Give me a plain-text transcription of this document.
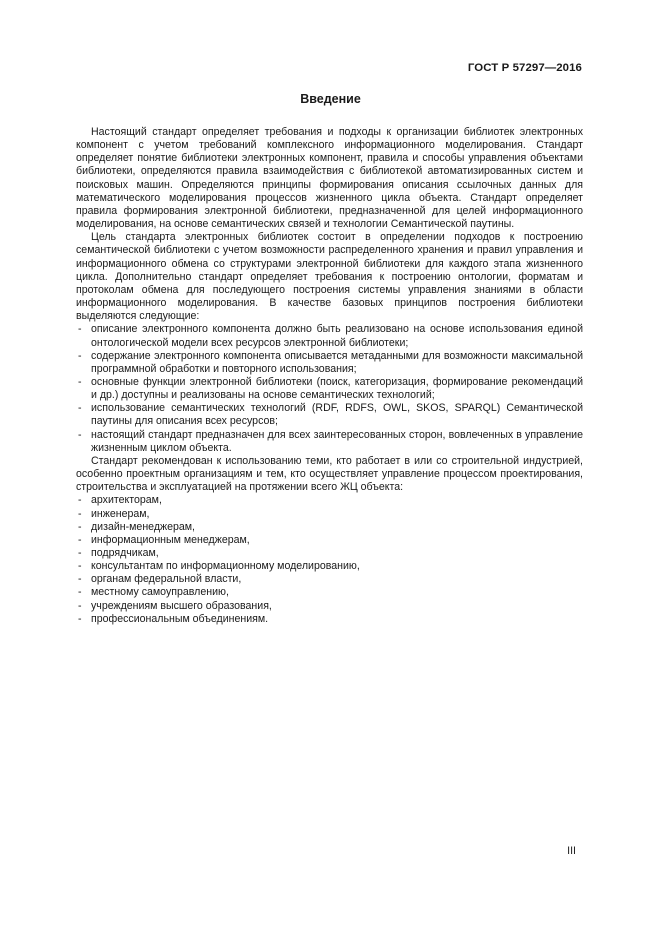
ГОСТ Р 57297—2016
Введение

Настоящий стандарт определяет требования и подходы к организации библиотек электронных компонент с учетом требований комплексного информационного моделирования. Стандарт определяет понятие библиотеки электронных компонент, правила и способы управления объектами библиотеки, определяются правила взаимодействия с библиотекой автоматизированных систем и поисковых машин. Определяются принципы формирования описания ссылочных данных для математического моделирования процессов жизненного цикла объекта. Стандарт определяет правила формирования электронной библиотеки, предназначенной для целей информационного моделирования, на основе семантических связей и технологии Семантической паутины.

Цель стандарта электронных библиотек состоит в определении подходов к построению семантической библиотеки с учетом возможности распределенного хранения и правил управления и информационного обмена со структурами электронной библиотеки для каждого этапа жизненного цикла. Дополнительно стандарт определяет требования к построению онтологии, форматам и протоколам обмена для последующего построения системы управления знаниями в области информационного моделирования. В качестве базовых принципов построения библиотеки выделяются следующие:

- описание электронного компонента должно быть реализовано на основе использования единой онтологической модели всех ресурсов электронной библиотеки;
- содержание электронного компонента описывается метаданными для возможности максимальной программной обработки и повторного использования;
- основные функции электронной библиотеки (поиск, категоризация, формирование рекомендаций и др.) доступны и реализованы на основе семантических технологий;
- использование семантических технологий (RDF, RDFS, OWL, SKOS, SPARQL) Семантической паутины для описания всех ресурсов;
- настоящий стандарт предназначен для всех заинтересованных сторон, вовлеченных в управление жизненным циклом объекта.

Стандарт рекомендован к использованию теми, кто работает в или со строительной индустрией, особенно проектным организациям и тем, кто осуществляет управление процессом проектирования, строительства и эксплуатацией на протяжении всего ЖЦ объекта:

- архитекторам,
- инженерам,
- дизайн-менеджерам,
- информационным менеджерам,
- подрядчикам,
- консультантам по информационному моделированию,
- органам федеральной власти,
- местному самоуправлению,
- учреждениям высшего образования,
- профессиональным объединениям.
III
